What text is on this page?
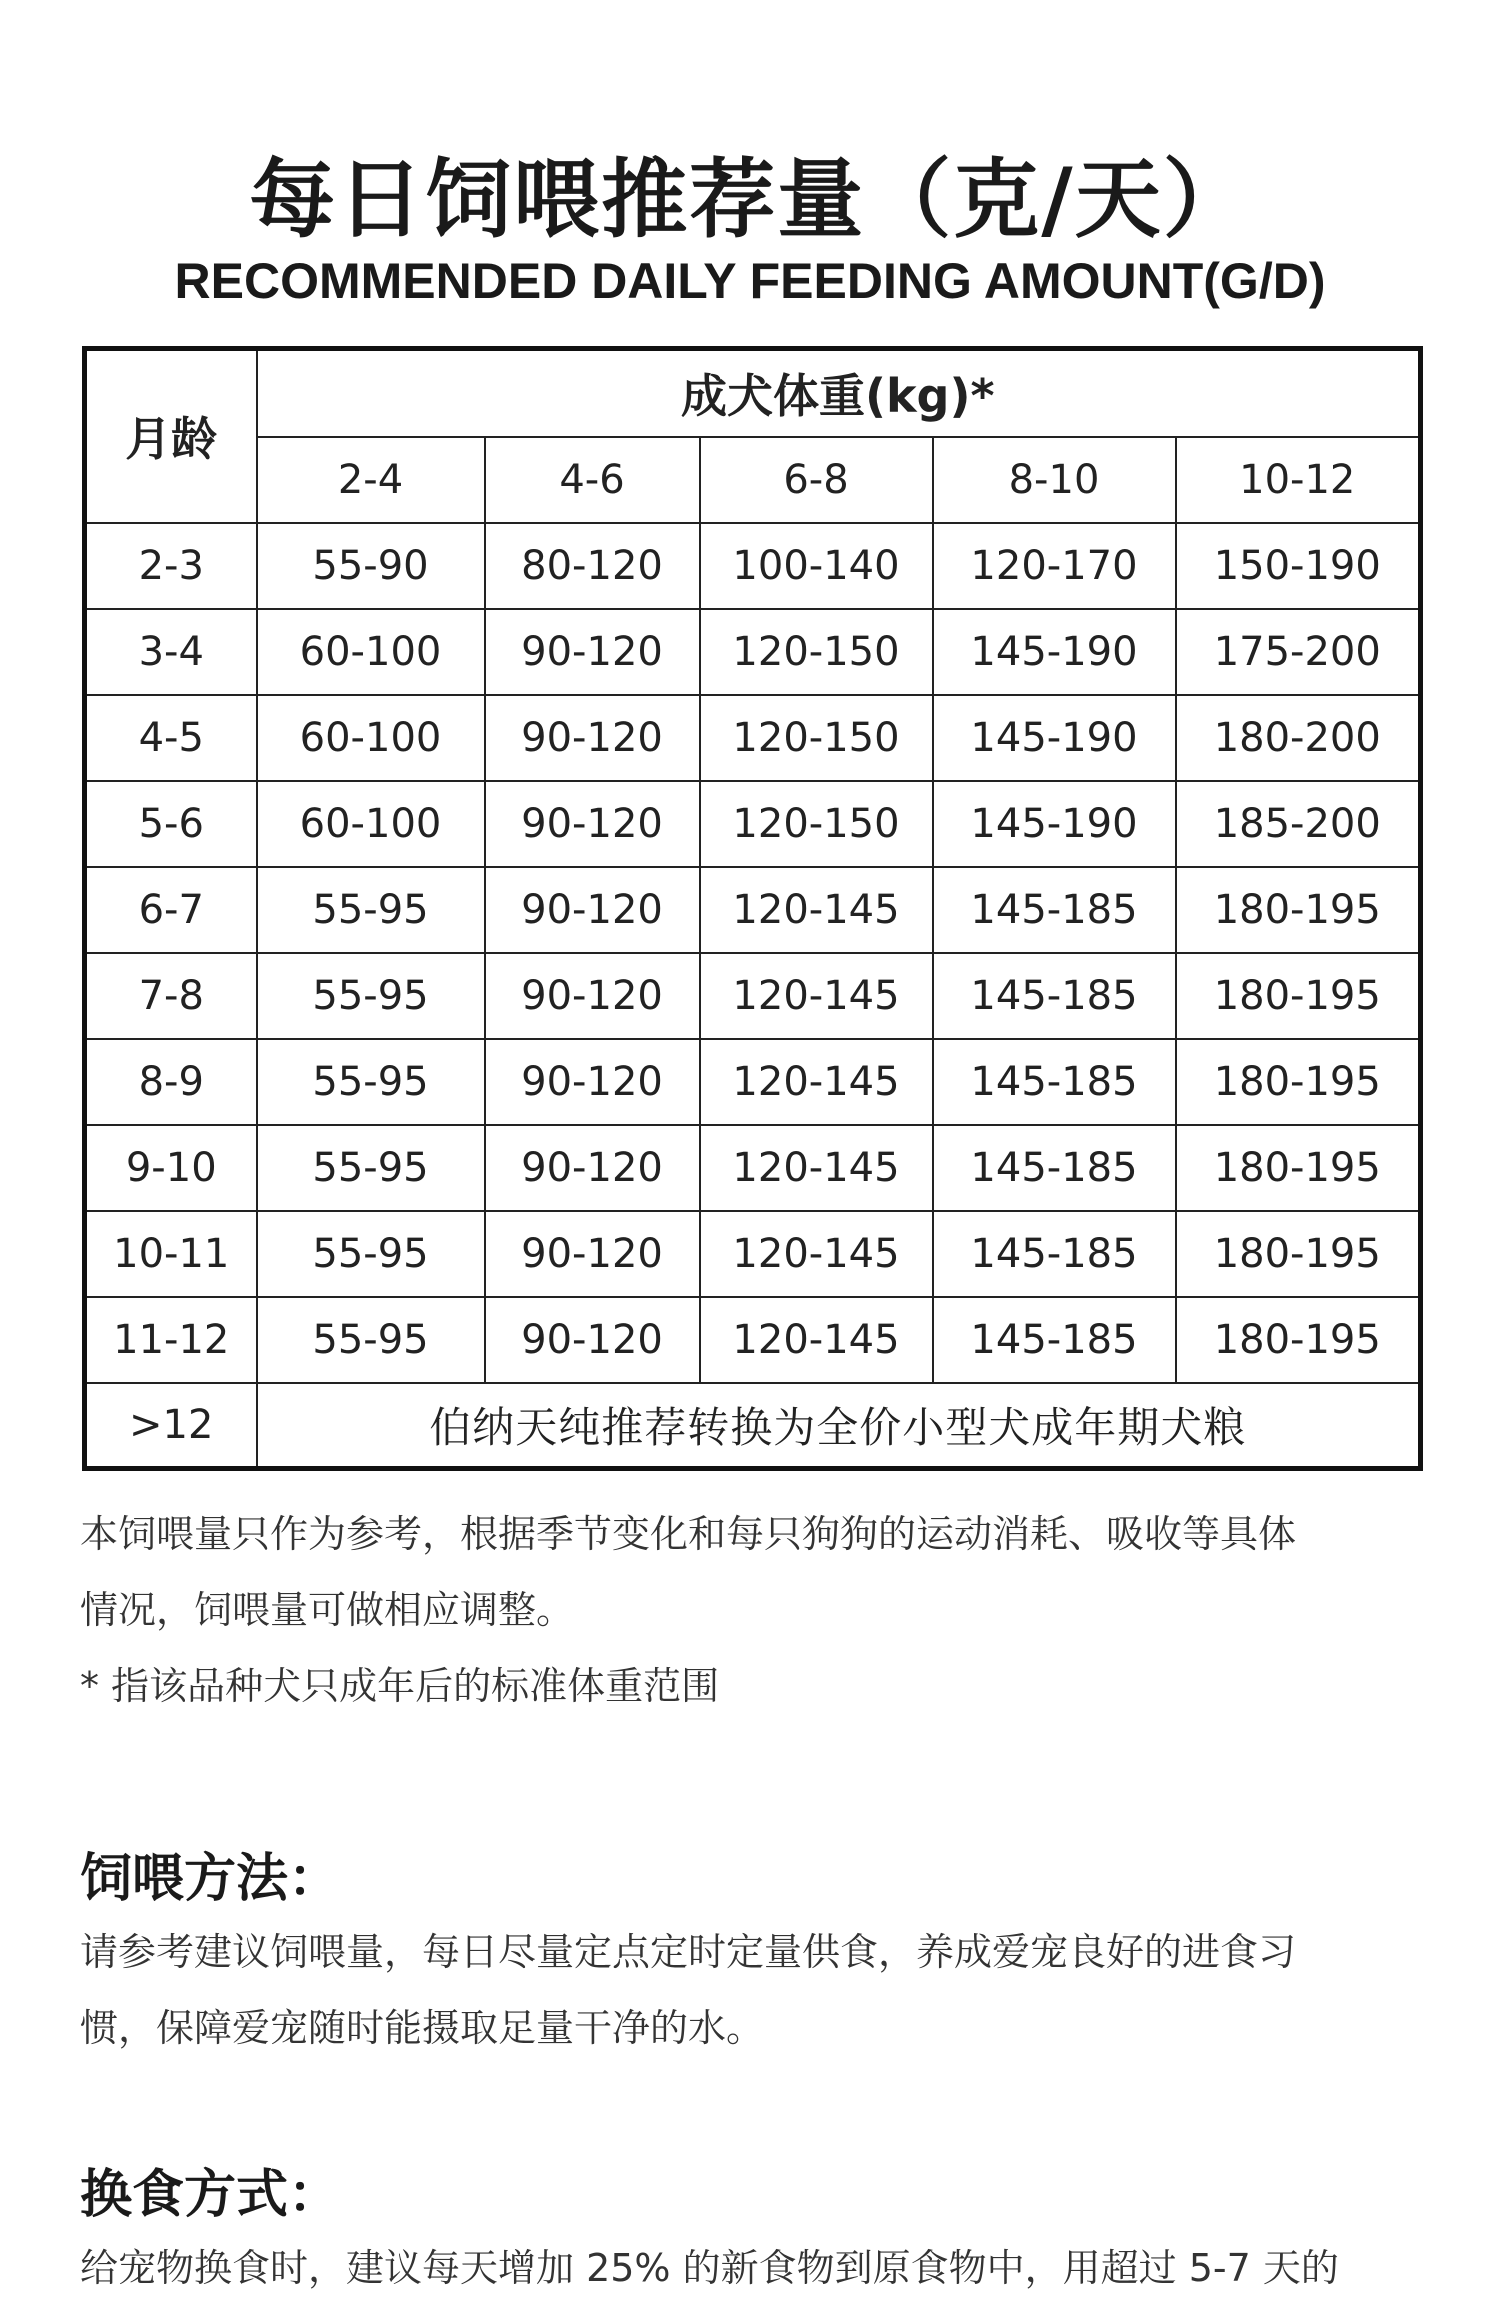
每日饲喂推荐量（克/天）
RECOMMENDED DAILY FEEDING AMOUNT(G/D)
月龄	成犬体重(kg)*				
	2-4	4-6	6-8	8-10	10-12
2-3	55-90	80-120	100-140	120-170	150-190
3-4	60-100	90-120	120-150	145-190	175-200
4-5	60-100	90-120	120-150	145-190	180-200
5-6	60-100	90-120	120-150	145-190	185-200
6-7	55-95	90-120	120-145	145-185	180-195
7-8	55-95	90-120	120-145	145-185	180-195
8-9	55-95	90-120	120-145	145-185	180-195
9-10	55-95	90-120	120-145	145-185	180-195
10-11	55-95	90-120	120-145	145-185	180-195
11-12	55-95	90-120	120-145	145-185	180-195
>12	伯纳天纯推荐转换为全价小型犬成年期犬粮				
本饲喂量只作为参考，根据季节变化和每只狗狗的运动消耗、吸收等具体
情况，饲喂量可做相应调整。
* 指该品种犬只成年后的标准体重范围
饲喂方法：
请参考建议饲喂量，每日尽量定点定时定量供食，养成爱宠良好的进食习
惯，保障爱宠随时能摄取足量干净的水。
换食方式：
给宠物换食时，建议每天增加 25% 的新食物到原食物中，用超过 5-7 天的
